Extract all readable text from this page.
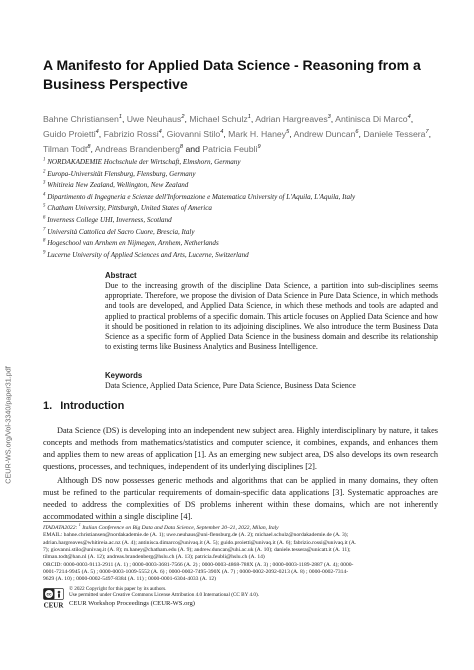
CEUR-WS.org/Vol-3340/paper31.pdf
A Manifesto for Applied Data Science - Reasoning from a
Business Perspective
Bahne Christiansen$^1$, Uwe Neuhaus$^2$, Michael Schulz$^1$, Adrian Hargreaves$^3$, Antinisca Di Marco$^4$, Guido Proietti$^4$, Fabrizio Rossi$^4$, Giovanni Stilo$^4$, Mark H. Haney$^5$, Andrew Duncan$^6$, Daniele Tessera$^7$, Tilman Todt$^8$, Andreas Brandenberg$^8$ and Patricia Feubli$^9$
$^1$ NORDAKADEMIE Hochschule der Wirtschaft, Elmshorn, Germany
$^2$ Europa-Universität Flensburg, Flensburg, Germany
$^3$ Whitireia New Zealand, Wellington, New Zealand
$^4$ Dipartimento di Ingegneria e Scienze dell'Informazione e Matematica University of L'Aquila, L'Aquila, Italy
$^5$ Chatham University, Pittsburgh, United States of America
$^6$ Inverness College UHI, Inverness, Scotland
$^7$ Università Cattolica del Sacro Cuore, Brescia, Italy
$^8$ Hogeschool van Arnhem en Nijmegen, Arnhem, Netherlands
$^9$ Lucerne University of Applied Sciences and Arts, Lucerne, Switzerland
Abstract

Due to the increasing growth of the discipline Data Science, a partition into sub-disciplines seems appropriate. Therefore, we propose the division of Data Science in Pure Data Science, in which methods and tools are developed, and Applied Data Science, in which these methods and tools are adapted and applied to practical problems of a specific domain. This article focuses on Applied Data Science and how it should be positioned in relation to its adjoining disciplines. We also introduce the term Business Data Science as a specific form of Applied Data Science in the business domain and describe its relationship to existing terms like Business Analytics and Business Intelligence.

Keywords

Data Science, Applied Data Science, Pure Data Science, Business Data Science

1. Introduction

Data Science (DS) is developing into an independent new subject area. Highly interdisciplinary by nature, it takes concepts and methods from mathematics/statistics and computer science, it combines, expands, and enhances them and applies them to new areas of application [1]. As an emerging new subject area, DS also develops its own research questions, processes, and techniques, independent of its underlying disciplines [2].

Although DS now possesses generic methods and algorithms that can be applied in many domains, they often must be refined to the particular requirements of domain-specific data applications [3]. Systematic approaches are needed to address the complexities of DS problems inherent within these domains, which are not inherently accommodated within a single discipline [4].

ITADATA2022: $^1$ Italian Conference on Big Data and Data Science, September 20–21, 2022, Milan, Italy
EMAIL: bahne.christiansen@nordakademie.de (A. 1); uwe.neuhaus@uni-flensburg.de (A. 2); michael.schulz@nordakademie.de (A. 3);
adrian.hargreaves@whitireia.ac.nz (A. 4); antinisca.dimarco@univaq.it (A. 5); guido.proietti@univaq.it (A. 6); fabrizio.rossi@univaq.it (A.
7); giovanni.stilo@univaq.it (A. 8); m.haney@chatham.edu (A. 9); andrew.duncan@uhi.ac.uk (A. 10); daniele.tessera@unicatt.it (A. 11);
tilman.todt@han.nl (A. 12); andreas.brandenberg@hslu.ch (A. 13); patricia.feubli@hslu.ch (A. 14)
ORCID: 0000-0003-9113-2911 (A. 1) ; 0000-0003-3681-7566 (A. 2) ; 0000-0003-4868-788X (A. 3) ; 0000-0003-1189-2887 (A. 4); 0000-
0001-7214-9945 (A. 5) ; 0000-0003-1009-5552 (A. 6) ; 0000-0002-7495-390X (A. 7) ; 0000-0002-2092-0213 (A. 8) ; 0000-0002-7314-
9629 (A. 10) ; 0000-0002-5497-8384 (A. 11) ; 0000-0001-6304-4033 (A. 12)
cc
CEUR
© 2022 Copyright for this paper by its authors.
Use permitted under Creative Commons License Attribution 4.0 International (CC BY 4.0).
CEUR Workshop Proceedings (CEUR-WS.org)
